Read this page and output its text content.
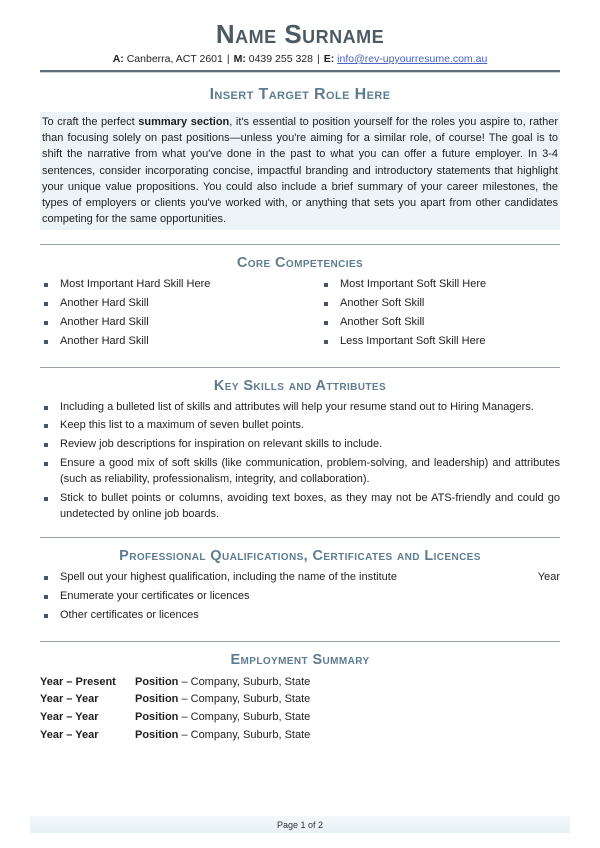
Name Surname
A: Canberra, ACT 2601 | M: 0439 255 328 | E: info@rev-upyourresume.com.au
Insert Target Role Here
To craft the perfect summary section, it's essential to position yourself for the roles you aspire to, rather than focusing solely on past positions—unless you're aiming for a similar role, of course! The goal is to shift the narrative from what you've done in the past to what you can offer a future employer. In 3-4 sentences, consider incorporating concise, impactful branding and introductory statements that highlight your unique value propositions. You could also include a brief summary of your career milestones, the types of employers or clients you've worked with, or anything that sets you apart from other candidates competing for the same opportunities.
Core Competencies
Most Important Hard Skill Here
Another Hard Skill
Another Hard Skill
Another Hard Skill
Most Important Soft Skill Here
Another Soft Skill
Another Soft Skill
Less Important Soft Skill Here
Key Skills and Attributes
Including a bulleted list of skills and attributes will help your resume stand out to Hiring Managers.
Keep this list to a maximum of seven bullet points.
Review job descriptions for inspiration on relevant skills to include.
Ensure a good mix of soft skills (like communication, problem-solving, and leadership) and attributes (such as reliability, professionalism, integrity, and collaboration).
Stick to bullet points or columns, avoiding text boxes, as they may not be ATS-friendly and could go undetected by online job boards.
Professional Qualifications, Certificates and Licences
Spell out your highest qualification, including the name of the institute	Year
Enumerate your certificates or licences
Other certificates or licences
Employment Summary
Year – Present	Position – Company, Suburb, State
Year – Year	Position – Company, Suburb, State
Year – Year	Position – Company, Suburb, State
Year – Year	Position – Company, Suburb, State
Page 1 of 2
